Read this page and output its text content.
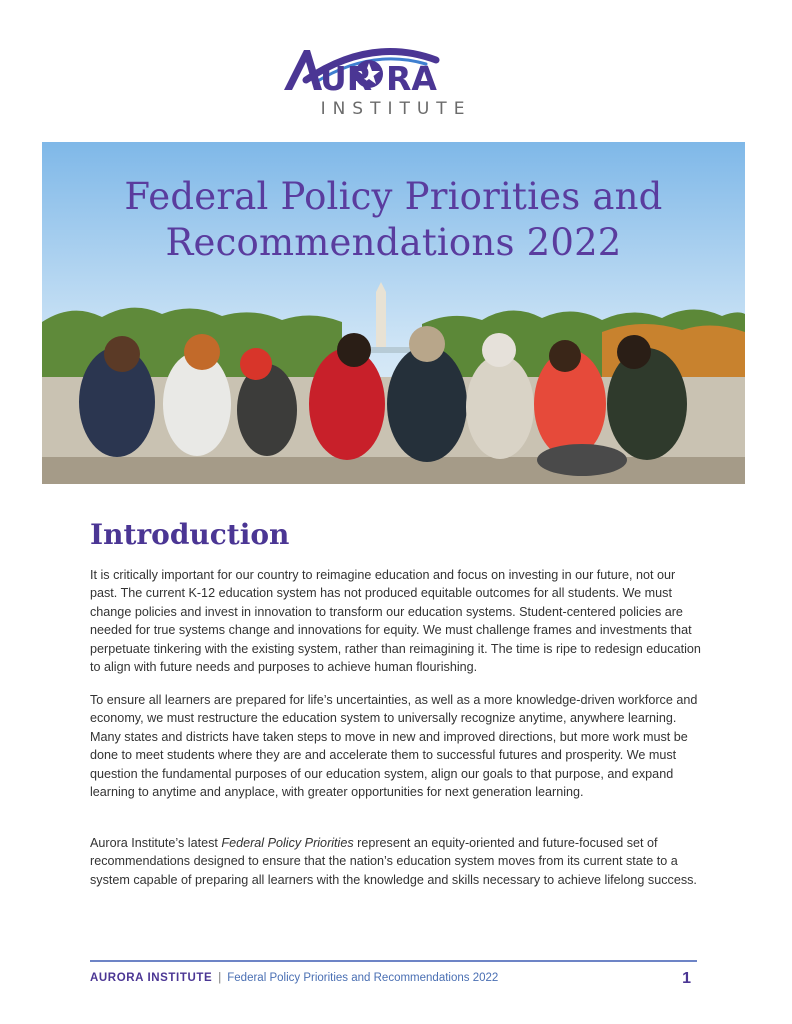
UR RA
INSTITUTE
Federal Policy Priorities and
Recommendations 2022
Introduction

It is critically important for our country to reimagine education and focus on investing in our future, not our past. The current K-12 education system has not produced equitable outcomes for all students. We must change policies and invest in innovation to transform our education systems. Student-centered policies are needed for true systems change and innovations for equity. We must challenge frames and investments that perpetuate tinkering with the existing system, rather than reimagining it. The time is ripe to redesign education to align with future needs and purposes to achieve human flourishing.

To ensure all learners are prepared for life’s uncertainties, as well as a more knowledge-driven workforce and economy, we must restructure the education system to universally recognize anytime, anywhere learning. Many states and districts have taken steps to move in new and improved directions, but more work must be done to meet students where they are and accelerate them to successful futures and prosperity. We must question the fundamental purposes of our education system, align our goals to that purpose, and expand learning to anytime and anyplace, with greater opportunities for next generation learning.

Aurora Institute’s latest Federal Policy Priorities represent an equity-oriented and future-focused set of recommendations designed to ensure that the nation’s education system moves from its current state to a system capable of preparing all learners with the knowledge and skills necessary to achieve lifelong success.

AURORA INSTITUTE | Federal Policy Priorities and Recommendations 2022	1
